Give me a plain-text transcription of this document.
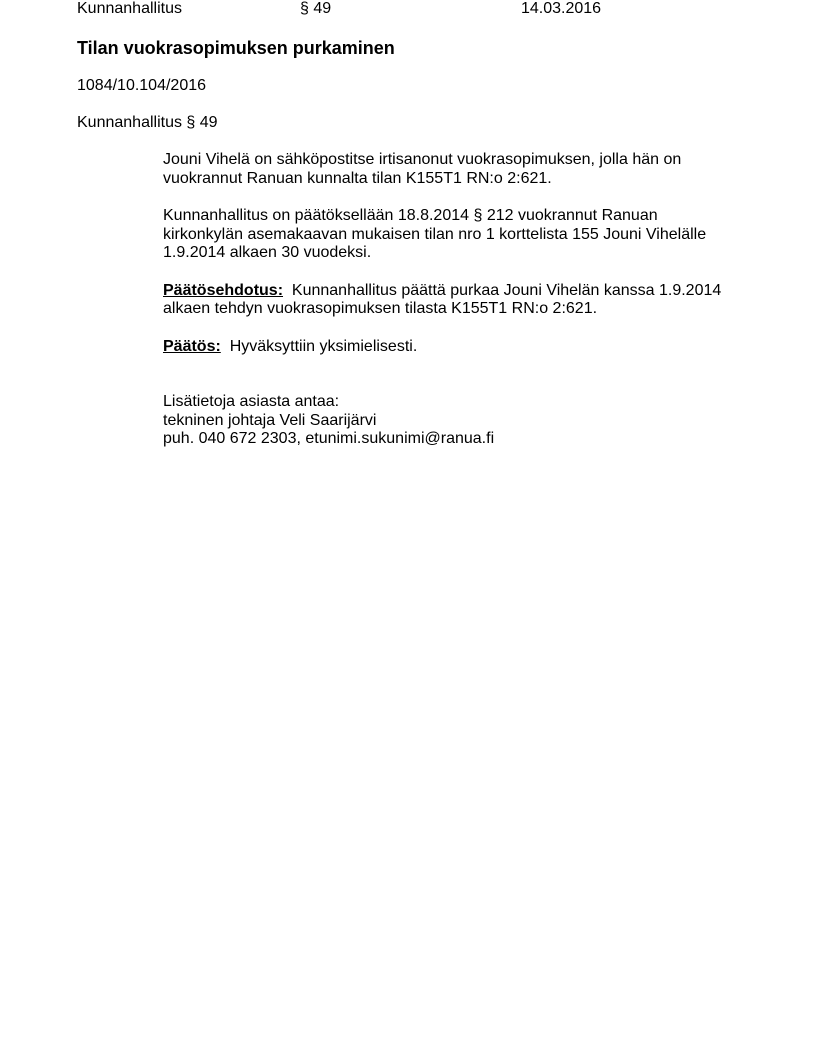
Kunnanhallitus	§ 49	14.03.2016
Tilan vuokrasopimuksen purkaminen
1084/10.104/2016
Kunnanhallitus § 49

Jouni Vihelä on sähköpostitse irtisanonut vuokrasopimuksen, jolla hän on
vuokrannut Ranuan kunnalta tilan K155T1 RN:o 2:621.

Kunnanhallitus on päätöksellään 18.8.2014 § 212 vuokrannut Ranuan
kirkonkylän asemakaavan mukaisen tilan nro 1 korttelista 155 Jouni Vihelälle
1.9.2014 alkaen 30 vuodeksi.

Päätösehdotus: Kunnanhallitus päättä purkaa Jouni Vihelän kanssa 1.9.2014
alkaen tehdyn vuokrasopimuksen tilasta K155T1 RN:o 2:621.

Päätös: Hyväksyttiin yksimielisesti.

Lisätietoja asiasta antaa:
tekninen johtaja Veli Saarijärvi
puh. 040 672 2303, etunimi.sukunimi@ranua.fi
